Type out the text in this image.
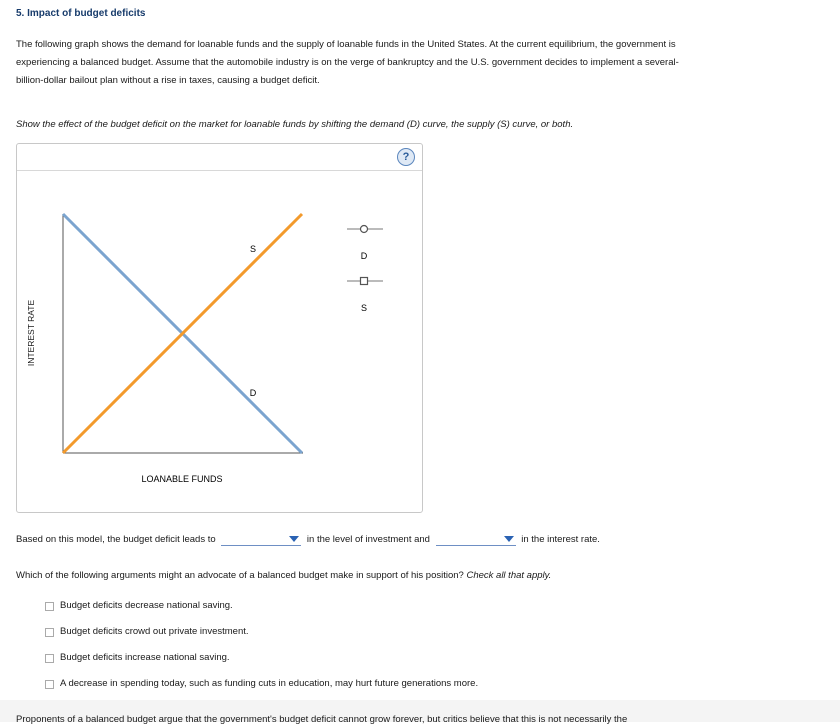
5. Impact of budget deficits
The following graph shows the demand for loanable funds and the supply of loanable funds in the United States. At the current equilibrium, the government is experiencing a balanced budget. Assume that the automobile industry is on the verge of bankruptcy and the U.S. government decides to implement a several-billion-dollar bailout plan without a rise in taxes, causing a budget deficit.
Show the effect of the budget deficit on the market for loanable funds by shifting the demand (D) curve, the supply (S) curve, or both.
?
INTEREST RATE
S
D
LOANABLE FUNDS
D
S
Based on this model, the budget deficit leads to	in the level of investment and	in the interest rate.
Which of the following arguments might an advocate of a balanced budget make in support of his position? Check all that apply.
Budget deficits decrease national saving.
Budget deficits crowd out private investment.
Budget deficits increase national saving.
A decrease in spending today, such as funding cuts in education, may hurt future generations more.
Proponents of a balanced budget argue that the government's budget deficit cannot grow forever, but critics believe that this is not necessarily the
